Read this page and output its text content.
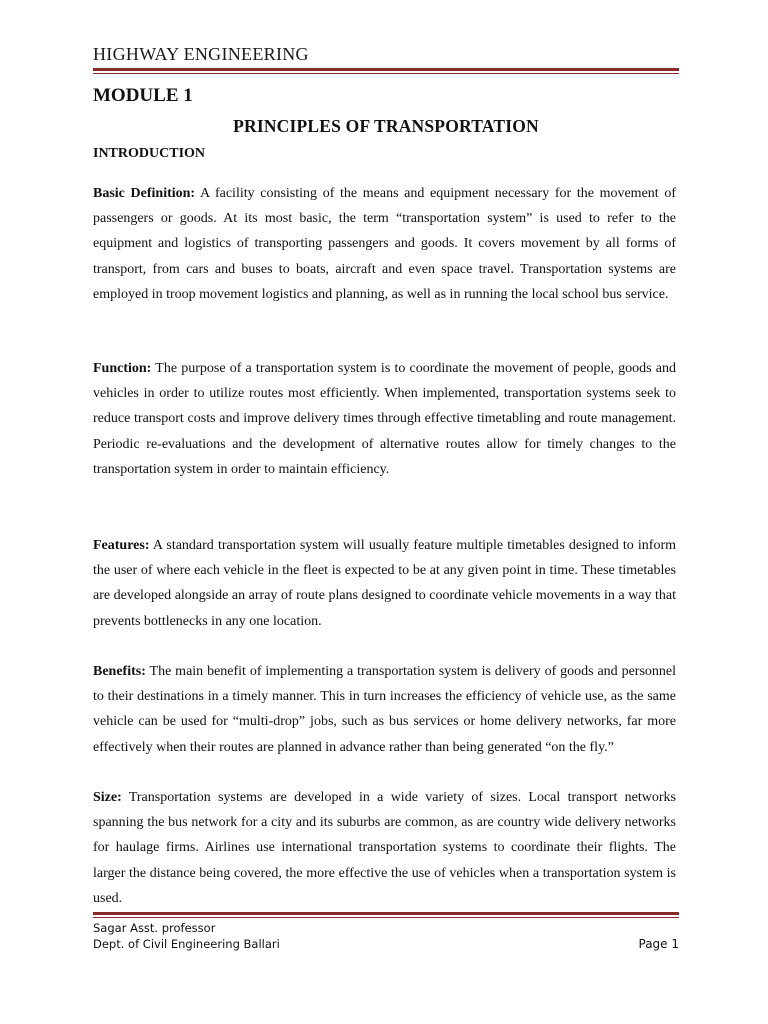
HIGHWAY ENGINEERING
MODULE 1
PRINCIPLES OF TRANSPORTATION
INTRODUCTION

Basic Definition: A facility consisting of the means and equipment necessary for the movement of passengers or goods. At its most basic, the term “transportation system” is used to refer to the equipment and logistics of transporting passengers and goods. It covers movement by all forms of transport, from cars and buses to boats, aircraft and even space travel. Transportation systems are employed in troop movement logistics and planning, as well as in running the local school bus service.

Function: The purpose of a transportation system is to coordinate the movement of people, goods and vehicles in order to utilize routes most efficiently. When implemented, transportation systems seek to reduce transport costs and improve delivery times through effective timetabling and route management. Periodic re-evaluations and the development of alternative routes allow for timely changes to the transportation system in order to maintain efficiency.

Features: A standard transportation system will usually feature multiple timetables designed to inform the user of where each vehicle in the fleet is expected to be at any given point in time. These timetables are developed alongside an array of route plans designed to coordinate vehicle movements in a way that prevents bottlenecks in any one location.

Benefits: The main benefit of implementing a transportation system is delivery of goods and personnel to their destinations in a timely manner. This in turn increases the efficiency of vehicle use, as the same vehicle can be used for “multi-drop” jobs, such as bus services or home delivery networks, far more effectively when their routes are planned in advance rather than being generated “on the fly.”

Size: Transportation systems are developed in a wide variety of sizes. Local transport networks spanning the bus network for a city and its suburbs are common, as are country wide delivery networks for haulage firms. Airlines use international transportation systems to coordinate their flights. The larger the distance being covered, the more effective the use of vehicles when a transportation system is used.

Sagar Asst. professor
Dept. of Civil Engineering Ballari	Page 1
